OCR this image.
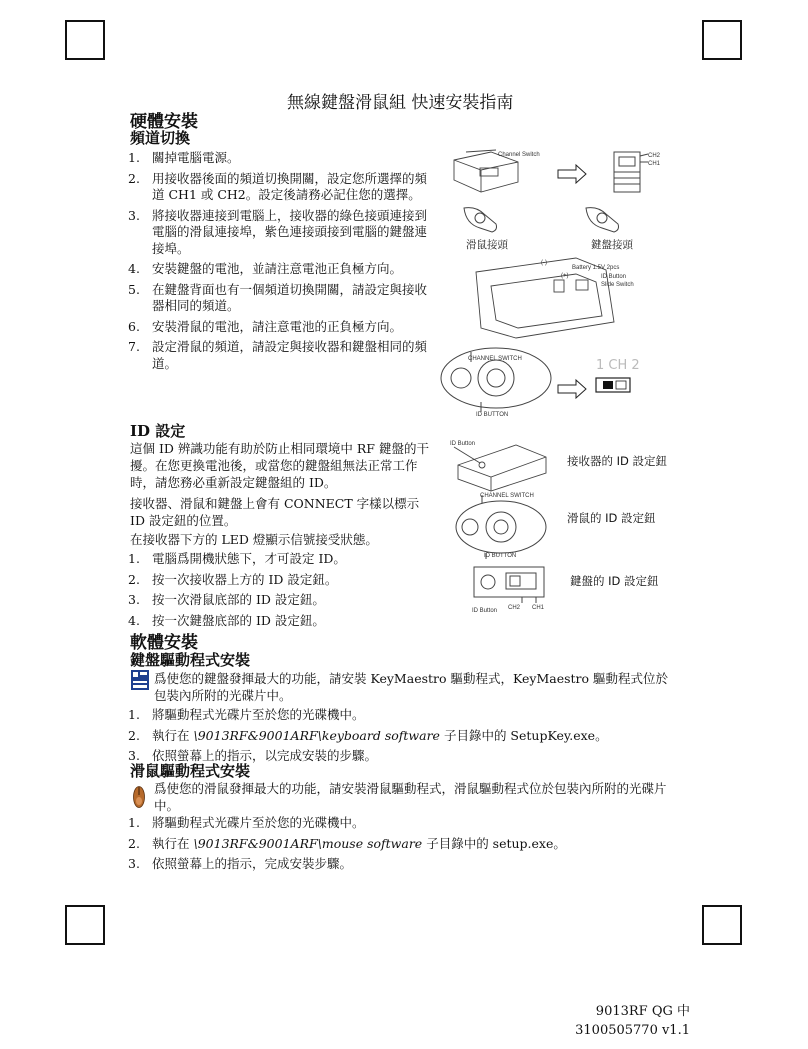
無線鍵盤滑鼠組 快速安裝指南
硬體安裝
頻道切換
1. 關掉電腦電源。
2. 用接收器後面的頻道切換開關，設定您所選擇的頻道 CH1 或 CH2。設定後請務必記住您的選擇。
3. 將接收器連接到電腦上，接收器的綠色接頭連接到電腦的滑鼠連接埠，紫色連接頭接到電腦的鍵盤連接埠。
4. 安裝鍵盤的電池，並請注意電池正負極方向。
5. 在鍵盤背面也有一個頻道切換開關，請設定與接收器相同的頻道。
6. 安裝滑鼠的電池，請注意電池的正負極方向。
7. 設定滑鼠的頻道，請設定與接收器和鍵盤相同的頻道。
Channel Switch	CH2
CH1
滑鼠接頭	鍵盤接頭
(-)
(+)
Battery 1.5V 2pcs
ID Button
Slide Switch
CHANNEL SWITCH
ID BUTTON
1 CH 2
ID 設定
這個 ID 辨識功能有助於防止相同環境中 RF 鍵盤的干擾。在您更換電池後，或當您的鍵盤組無法正常工作時，請您務必重新設定鍵盤組的 ID。
接收器、滑鼠和鍵盤上會有 CONNECT 字樣以標示 ID 設定鈕的位置。
在接收器下方的 LED 燈顯示信號接受狀態。
1. 電腦爲開機狀態下，才可設定 ID。
2. 按一次接收器上方的 ID 設定鈕。
3. 按一次滑鼠底部的 ID 設定鈕。
4. 按一次鍵盤底部的 ID 設定鈕。
ID Button
CHANNEL SWITCH
ID BUTTON
ID Button CH2 CH1
接收器的 ID 設定鈕
滑鼠的 ID 設定鈕
鍵盤的 ID 設定鈕
軟體安裝
鍵盤驅動程式安裝
爲使您的鍵盤發揮最大的功能，請安裝 KeyMaestro 驅動程式，KeyMaestro 驅動程式位於包裝內所附的光碟片中。
1. 將驅動程式光碟片至於您的光碟機中。
2. 執行在 \9013RF&9001ARF\keyboard software 子目錄中的 SetupKey.exe。
3. 依照螢幕上的指示，以完成安裝的步驟。
滑鼠驅動程式安裝
爲使您的滑鼠發揮最大的功能，請安裝滑鼠驅動程式，滑鼠驅動程式位於包裝內所附的光碟片中。
1. 將驅動程式光碟片至於您的光碟機中。
2. 執行在 \9013RF&9001ARF\mouse software 子目錄中的 setup.exe。
3. 依照螢幕上的指示，完成安裝步驟。
9013RF QG 中
3100505770 v1.1
